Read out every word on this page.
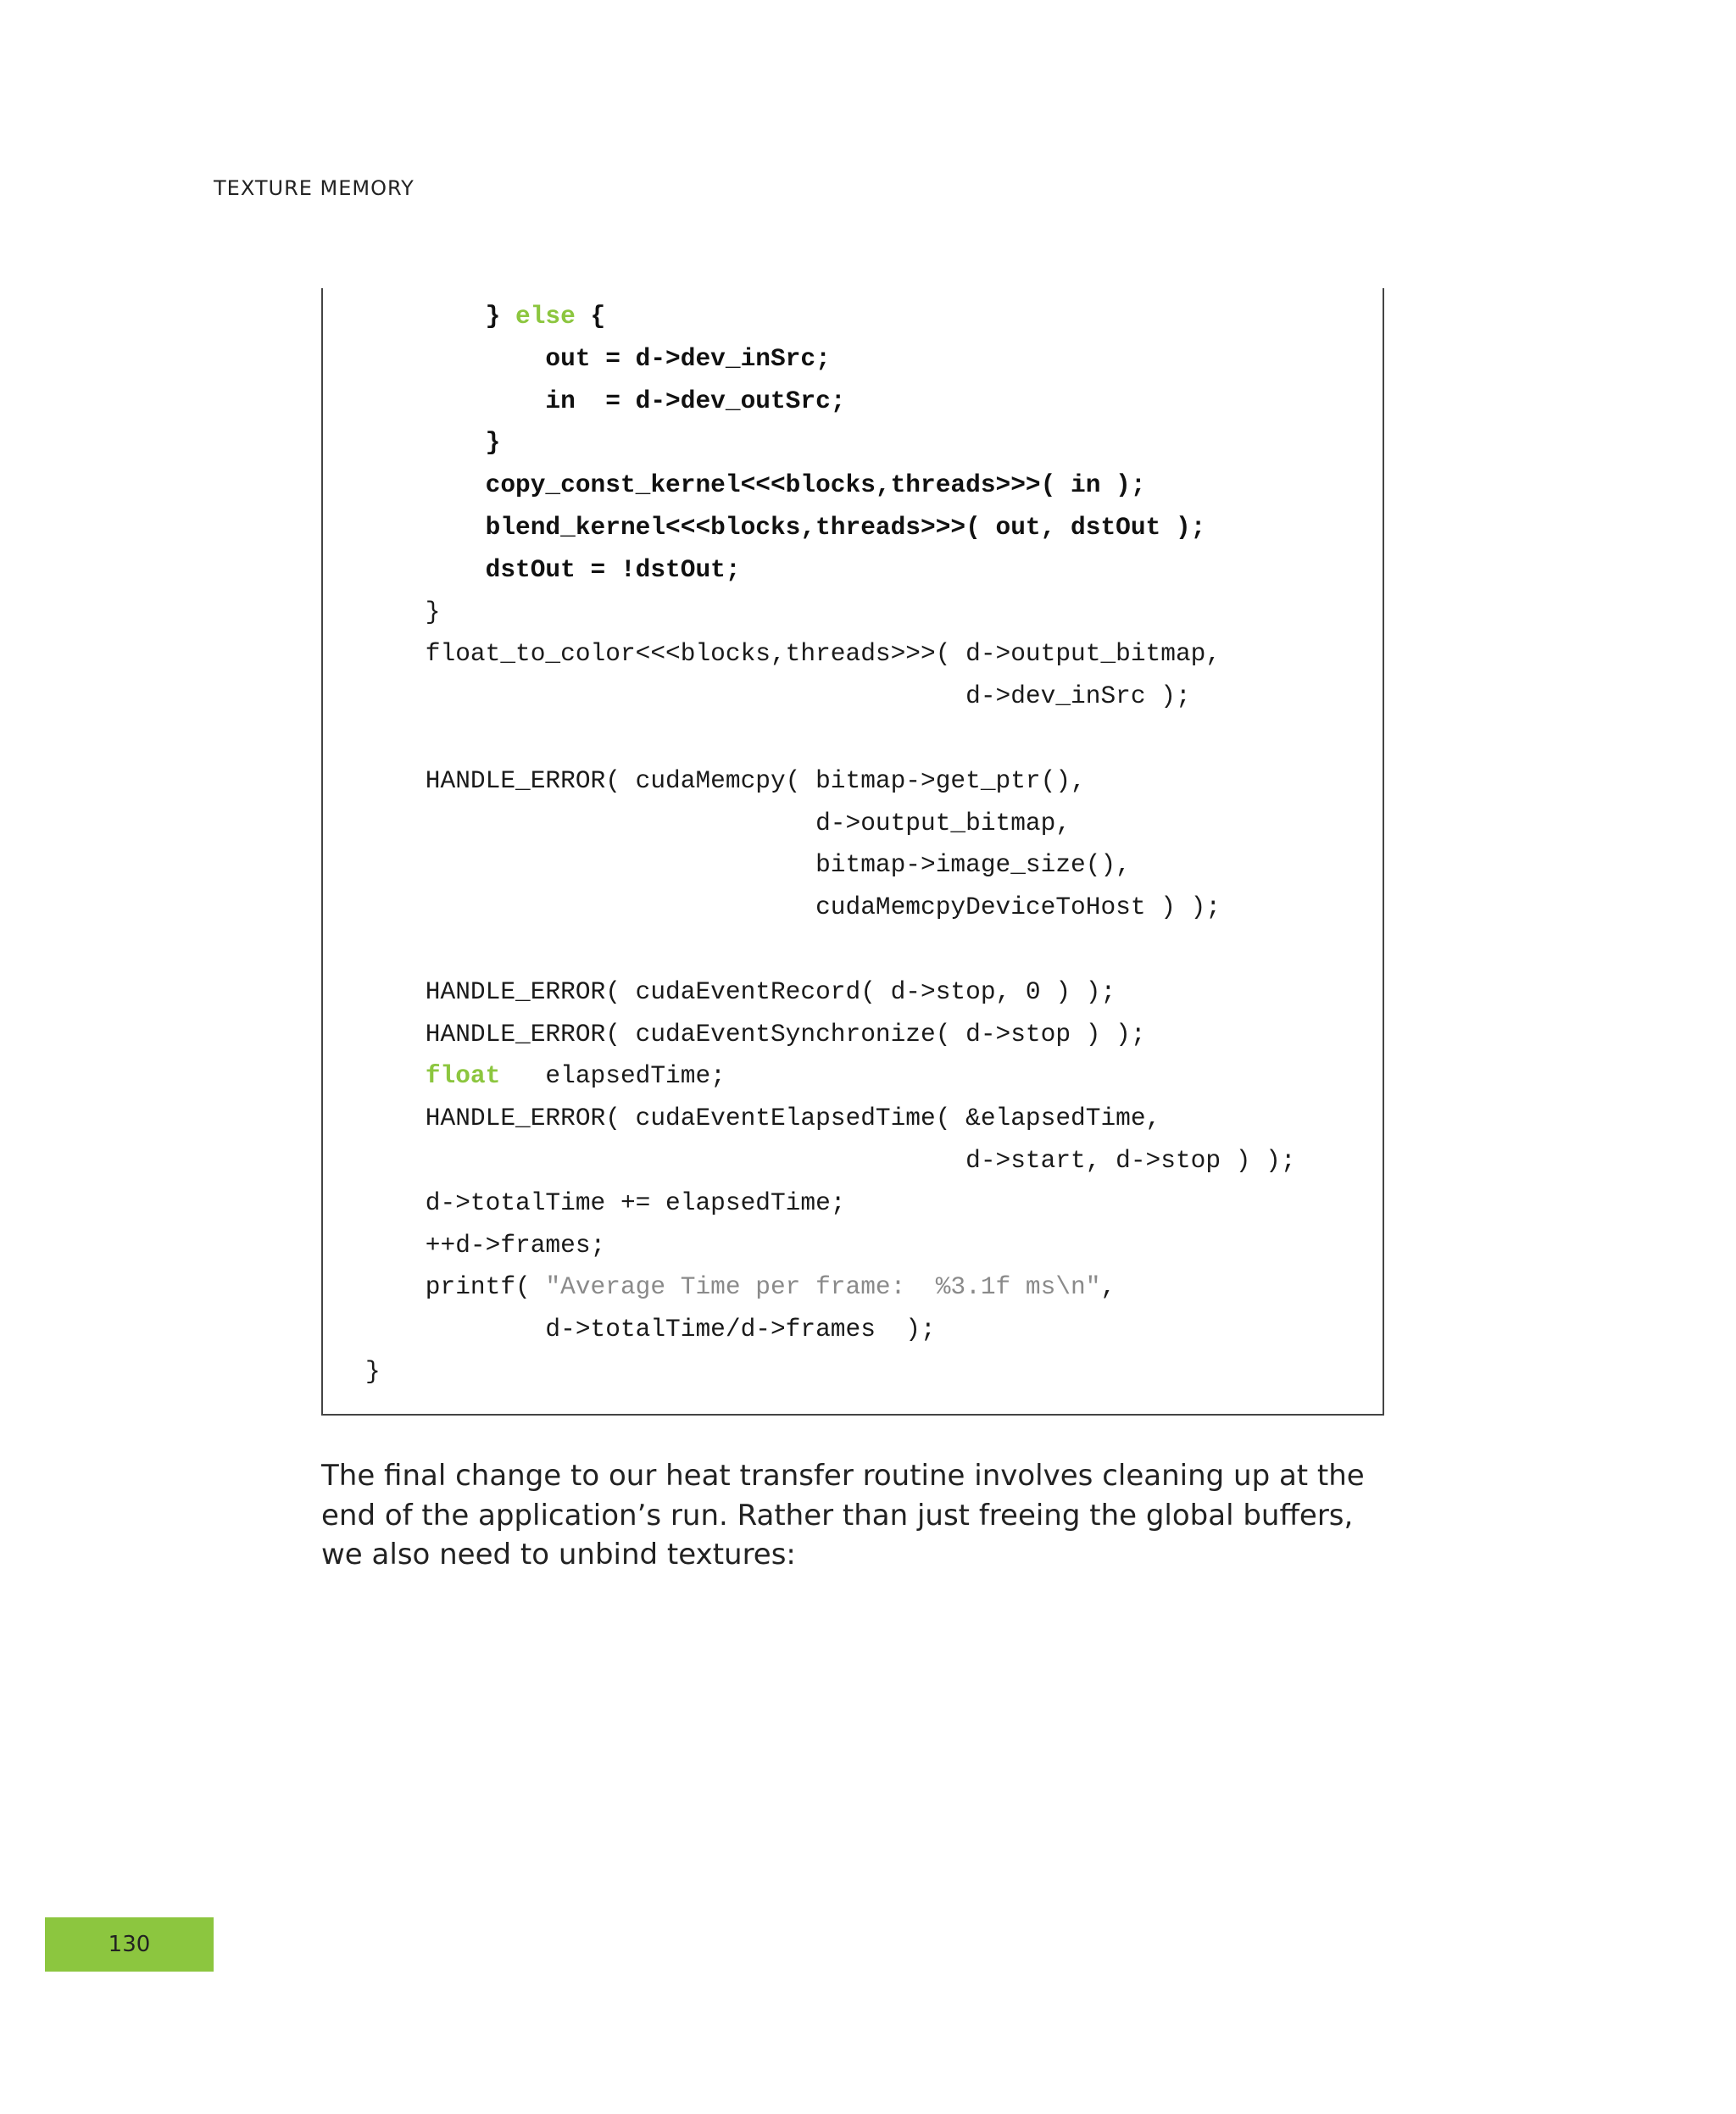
TEXTURE MEMORY
} else {
out = d->dev_inSrc;
in  = d->dev_outSrc;
}
copy_const_kernel<<<blocks,threads>>>( in );
blend_kernel<<<blocks,threads>>>( out, dstOut );
dstOut = !dstOut;
}
float_to_color<<<blocks,threads>>>( d->output_bitmap,
d->dev_inSrc );
HANDLE_ERROR( cudaMemcpy( bitmap->get_ptr(),
d->output_bitmap,
bitmap->image_size(),
cudaMemcpyDeviceToHost ) );
HANDLE_ERROR( cudaEventRecord( d->stop, 0 ) );
HANDLE_ERROR( cudaEventSynchronize( d->stop ) );
float   elapsedTime;
HANDLE_ERROR( cudaEventElapsedTime( &elapsedTime,
d->start, d->stop ) );
d->totalTime += elapsedTime;
++d->frames;
printf( "Average Time per frame:  %3.1f ms\n",
d->totalTime/d->frames  );
}

The final change to our heat transfer routine involves cleaning up at the end of the application’s run. Rather than just freeing the global buffers, we also need to unbind textures:

130
